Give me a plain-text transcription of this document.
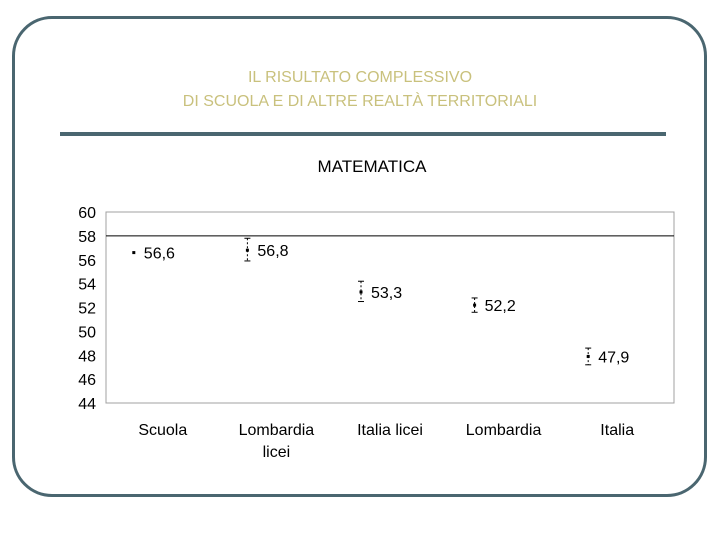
IL RISULTATO COMPLESSIVO
DI SCUOLA E DI ALTRE REALTÀ TERRITORIALI
MATEMATICA
60
58
56
54
52
50
48
46
44
Scuola	Lombardia
licei
Italia licei	Lombardia	Italia
56,6	56,8
53,3
52,2
47,9
